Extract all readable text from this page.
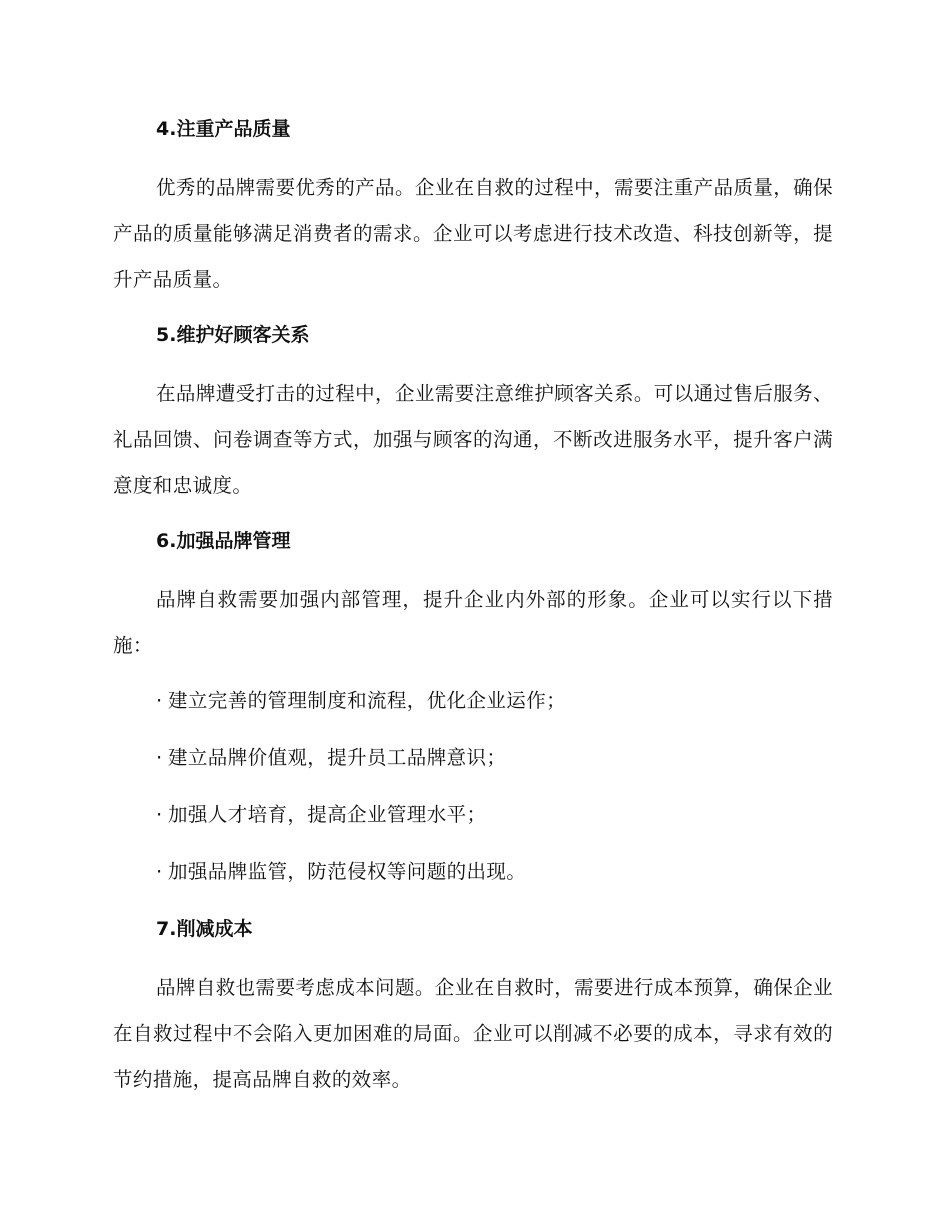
4.注重产品质量

优秀的品牌需要优秀的产品。企业在自救的过程中，需要注重产品质量，确保产品的质量能够满足消费者的需求。企业可以考虑进行技术改造、科技创新等，提升产品质量。

5.维护好顾客关系

在品牌遭受打击的过程中，企业需要注意维护顾客关系。可以通过售后服务、礼品回馈、问卷调查等方式，加强与顾客的沟通，不断改进服务水平，提升客户满意度和忠诚度。

6.加强品牌管理

品牌自救需要加强内部管理，提升企业内外部的形象。企业可以实行以下措施：

· 建立完善的管理制度和流程，优化企业运作；
· 建立品牌价值观，提升员工品牌意识；
· 加强人才培育，提高企业管理水平；
· 加强品牌监管，防范侵权等问题的出现。
7.削减成本

品牌自救也需要考虑成本问题。企业在自救时，需要进行成本预算，确保企业在自救过程中不会陷入更加困难的局面。企业可以削减不必要的成本，寻求有效的节约措施，提高品牌自救的效率。
